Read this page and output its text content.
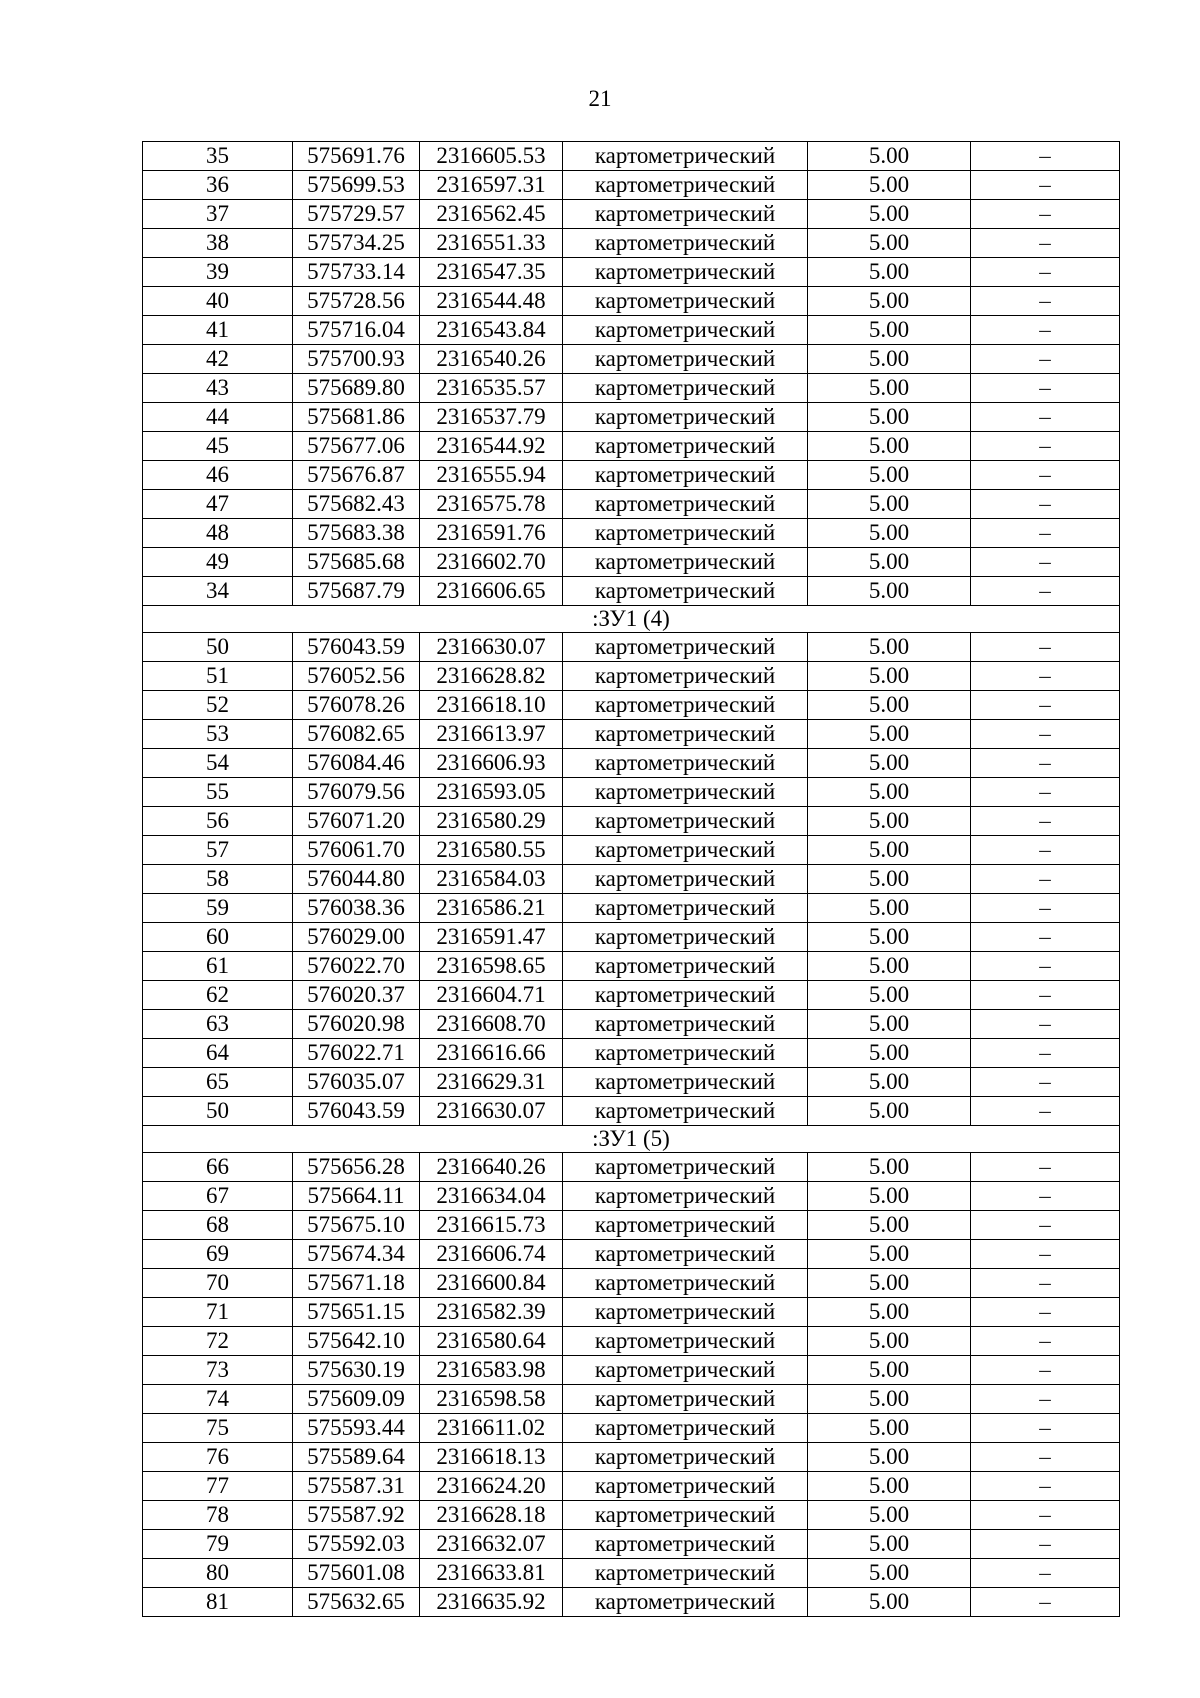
21
35	575691.76	2316605.53	картометрический	5.00	–
36	575699.53	2316597.31	картометрический	5.00	–
37	575729.57	2316562.45	картометрический	5.00	–
38	575734.25	2316551.33	картометрический	5.00	–
39	575733.14	2316547.35	картометрический	5.00	–
40	575728.56	2316544.48	картометрический	5.00	–
41	575716.04	2316543.84	картометрический	5.00	–
42	575700.93	2316540.26	картометрический	5.00	–
43	575689.80	2316535.57	картометрический	5.00	–
44	575681.86	2316537.79	картометрический	5.00	–
45	575677.06	2316544.92	картометрический	5.00	–
46	575676.87	2316555.94	картометрический	5.00	–
47	575682.43	2316575.78	картометрический	5.00	–
48	575683.38	2316591.76	картометрический	5.00	–
49	575685.68	2316602.70	картометрический	5.00	–
34	575687.79	2316606.65	картометрический	5.00	–
:ЗУ1 (4)					
50	576043.59	2316630.07	картометрический	5.00	–
51	576052.56	2316628.82	картометрический	5.00	–
52	576078.26	2316618.10	картометрический	5.00	–
53	576082.65	2316613.97	картометрический	5.00	–
54	576084.46	2316606.93	картометрический	5.00	–
55	576079.56	2316593.05	картометрический	5.00	–
56	576071.20	2316580.29	картометрический	5.00	–
57	576061.70	2316580.55	картометрический	5.00	–
58	576044.80	2316584.03	картометрический	5.00	–
59	576038.36	2316586.21	картометрический	5.00	–
60	576029.00	2316591.47	картометрический	5.00	–
61	576022.70	2316598.65	картометрический	5.00	–
62	576020.37	2316604.71	картометрический	5.00	–
63	576020.98	2316608.70	картометрический	5.00	–
64	576022.71	2316616.66	картометрический	5.00	–
65	576035.07	2316629.31	картометрический	5.00	–
50	576043.59	2316630.07	картометрический	5.00	–
:ЗУ1 (5)					
66	575656.28	2316640.26	картометрический	5.00	–
67	575664.11	2316634.04	картометрический	5.00	–
68	575675.10	2316615.73	картометрический	5.00	–
69	575674.34	2316606.74	картометрический	5.00	–
70	575671.18	2316600.84	картометрический	5.00	–
71	575651.15	2316582.39	картометрический	5.00	–
72	575642.10	2316580.64	картометрический	5.00	–
73	575630.19	2316583.98	картометрический	5.00	–
74	575609.09	2316598.58	картометрический	5.00	–
75	575593.44	2316611.02	картометрический	5.00	–
76	575589.64	2316618.13	картометрический	5.00	–
77	575587.31	2316624.20	картометрический	5.00	–
78	575587.92	2316628.18	картометрический	5.00	–
79	575592.03	2316632.07	картометрический	5.00	–
80	575601.08	2316633.81	картометрический	5.00	–
81	575632.65	2316635.92	картометрический	5.00	–
